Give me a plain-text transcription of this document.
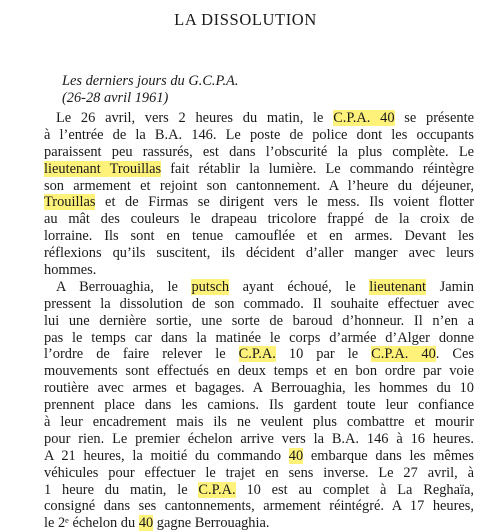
LA DISSOLUTION
Les derniers jours du G.C.P.A.
(26-28 avril 1961)
Le 26 avril, vers 2 heures du matin, le C.P.A. 40 se présente
à l’entrée de la B.A. 146. Le poste de police dont les occupants
paraissent peu rassurés, est dans l’obscurité la plus complète. Le
lieutenant Trouillas fait rétablir la lumière. Le commando réintègre
son armement et rejoint son cantonnement. A l’heure du déjeuner,
Trouillas et de Firmas se dirigent vers le mess. Ils voient flotter
au mât des couleurs le drapeau tricolore frappé de la croix de
lorraine. Ils sont en tenue camouflée et en armes. Devant les
réflexions qu’ils suscitent, ils décident d’aller manger avec leurs
hommes.
A Berrouaghia, le putsch ayant échoué, le lieutenant Jamin
pressent la dissolution de son commado. Il souhaite effectuer avec
lui une dernière sortie, une sorte de baroud d’honneur. Il n’en a
pas le temps car dans la matinée le corps d’armée d’Alger donne
l’ordre de faire relever le C.P.A. 10 par le C.P.A. 40. Ces
mouvements sont effectués en deux temps et en bon ordre par voie
routière avec armes et bagages. A Berrouaghia, les hommes du 10
prennent place dans les camions. Ils gardent toute leur confiance
à leur encadrement mais ils ne veulent plus combattre et mourir
pour rien. Le premier échelon arrive vers la B.A. 146 à 16 heures.
A 21 heures, la moitié du commando 40 embarque dans les mêmes
véhicules pour effectuer le trajet en sens inverse. Le 27 avril, à
1 heure du matin, le C.P.A. 10 est au complet à La Reghaïa,
consigné dans ses cantonnements, armement réintégré. A 17 heures,
le 2ᵉ échelon du 40 gagne Berrouaghia.
